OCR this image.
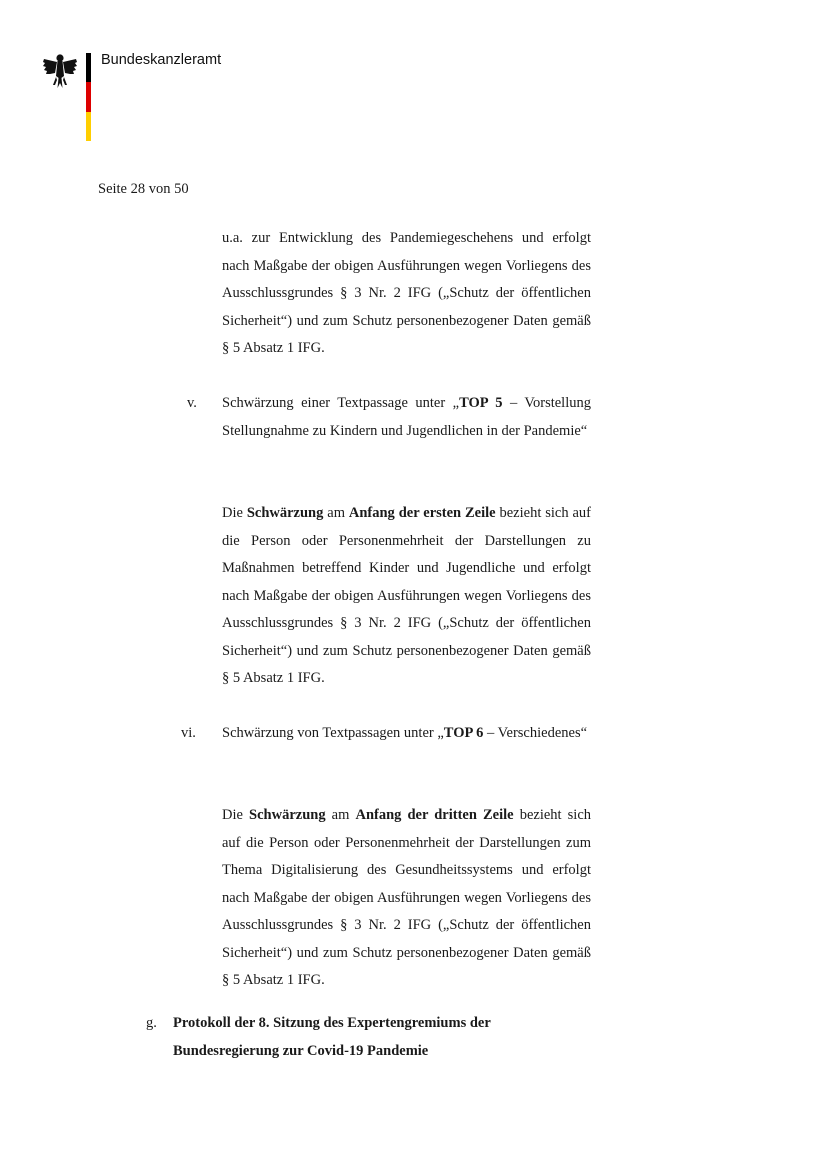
Bundeskanzleramt
Seite 28 von 50
u.a. zur Entwicklung des Pandemiegeschehens und erfolgt nach Maßgabe der obigen Ausführungen wegen Vorliegens des Ausschlussgrundes § 3 Nr. 2 IFG („Schutz der öffentlichen Sicherheit“) und zum Schutz personenbezogener Daten gemäß § 5 Absatz 1 IFG.
v. Schwärzung einer Textpassage unter „TOP 5 – Vorstellung Stellungnahme zu Kindern und Jugendlichen in der Pandemie“
Die Schwärzung am Anfang der ersten Zeile bezieht sich auf die Person oder Personenmehrheit der Darstellungen zu Maßnahmen betreffend Kinder und Jugendliche und erfolgt nach Maßgabe der obigen Ausführungen wegen Vorliegens des Ausschlussgrundes § 3 Nr. 2 IFG („Schutz der öffentlichen Sicherheit“) und zum Schutz personenbezogener Daten gemäß § 5 Absatz 1 IFG.
vi. Schwärzung von Textpassagen unter „TOP 6 – Verschiedenes“
Die Schwärzung am Anfang der dritten Zeile bezieht sich auf die Person oder Personenmehrheit der Darstellungen zum Thema Digitalisierung des Gesundheitssystems und erfolgt nach Maßgabe der obigen Ausführungen wegen Vorliegens des Ausschlussgrundes § 3 Nr. 2 IFG („Schutz der öffentlichen Sicherheit“) und zum Schutz personenbezogener Daten gemäß § 5 Absatz 1 IFG.
g. Protokoll der 8. Sitzung des Expertengremiums der Bundesregierung zur Covid-19 Pandemie
